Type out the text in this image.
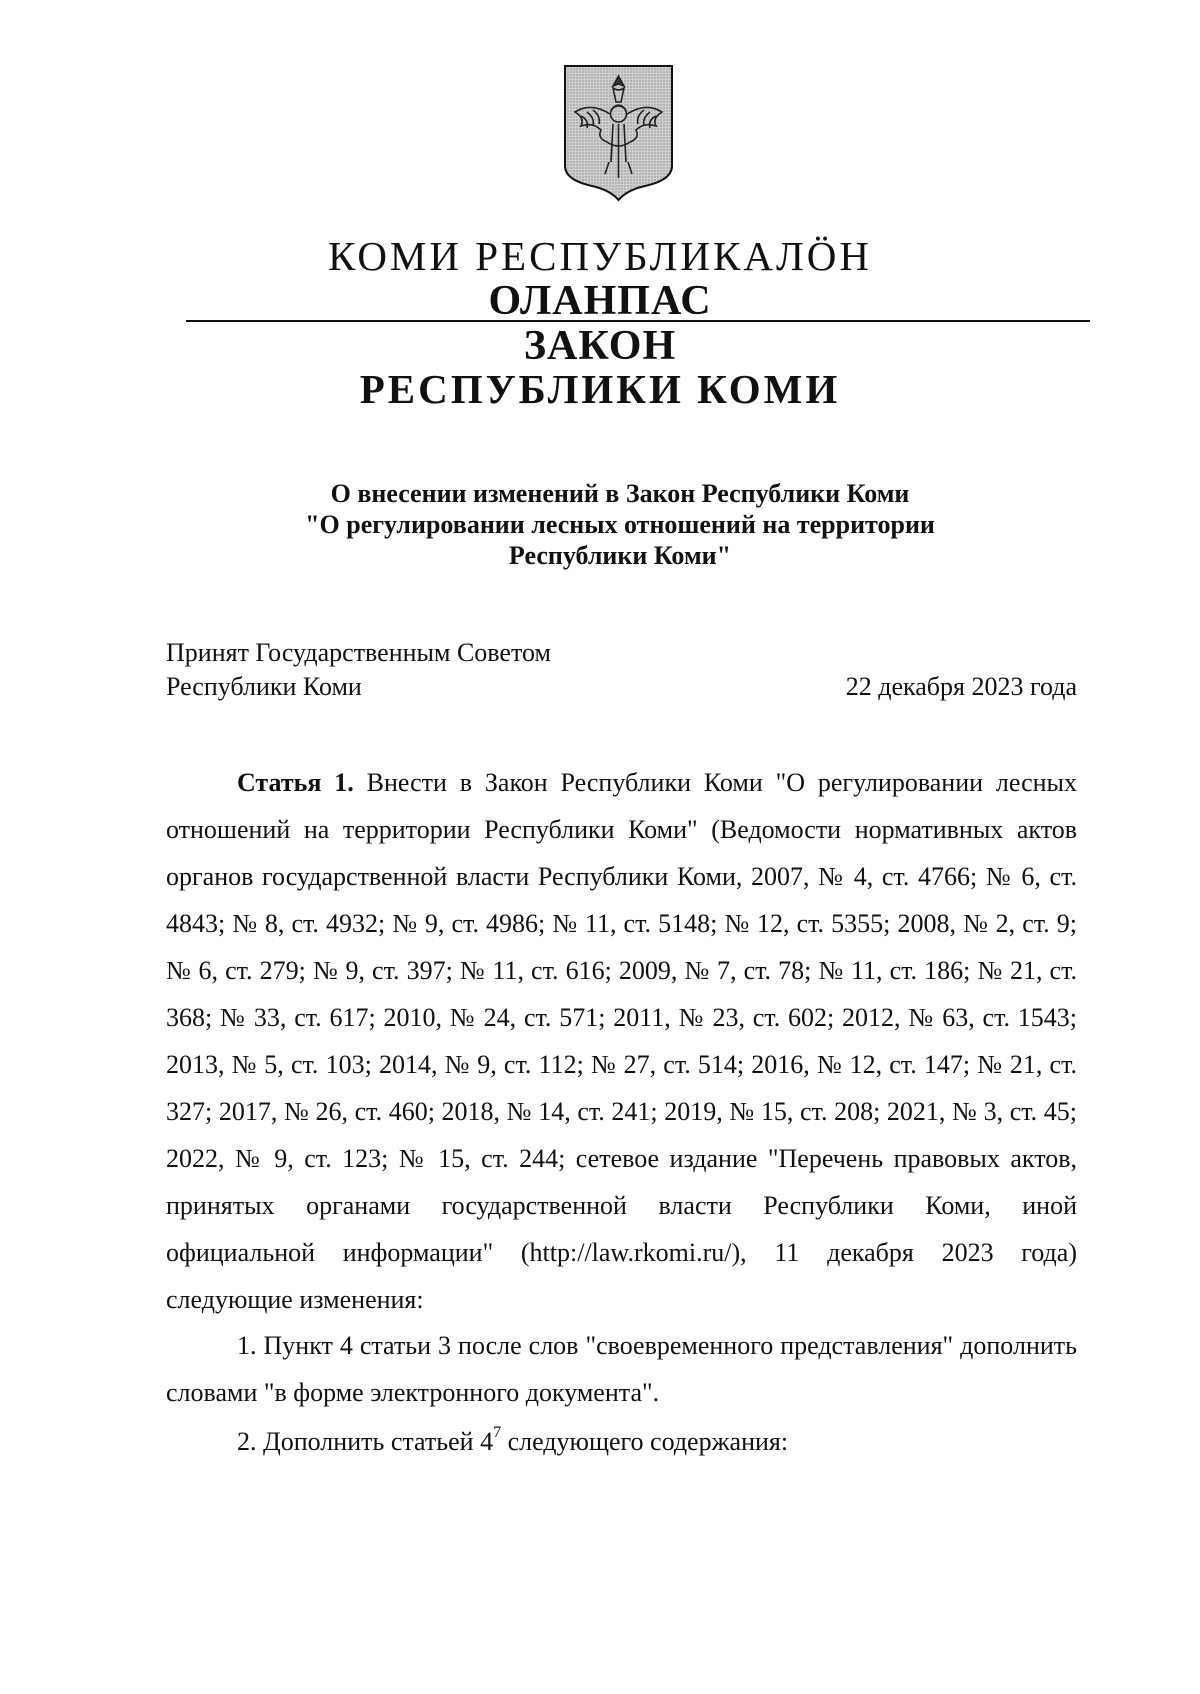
КОМИ РЕСПУБЛИКАЛÖН
ОЛАНПАС
ЗАКОН
РЕСПУБЛИКИ КОМИ
О внесении изменений в Закон Республики Коми
"О регулировании лесных отношений на территории
Республики Коми"
Принят Государственным Советом
Республики Коми	22 декабря 2023 года
Статья 1. Внести в Закон Республики Коми "О регулировании лесных отношений на территории Республики Коми" (Ведомости нормативных актов органов государственной власти Республики Коми, 2007, № 4, ст. 4766; № 6, ст. 4843; № 8, ст. 4932; № 9, ст. 4986; № 11, ст. 5148; № 12, ст. 5355; 2008, № 2, ст. 9; № 6, ст. 279; № 9, ст. 397; № 11, ст. 616; 2009, № 7, ст. 78; № 11, ст. 186; № 21, ст. 368; № 33, ст. 617; 2010, № 24, ст. 571; 2011, № 23, ст. 602; 2012, № 63, ст. 1543; 2013, № 5, ст. 103; 2014, № 9, ст. 112; № 27, ст. 514; 2016, № 12, ст. 147; № 21, ст. 327; 2017, № 26, ст. 460; 2018, № 14, ст. 241; 2019, № 15, ст. 208; 2021, № 3, ст. 45; 2022, № 9, ст. 123; № 15, ст. 244; сетевое издание "Перечень правовых актов, принятых органами государственной власти Республики Коми, иной официальной информации" (http://law.rkomi.ru/), 11 декабря 2023 года) следующие изменения:
1. Пункт 4 статьи 3 после слов "своевременного представления" дополнить словами "в форме электронного документа".
2. Дополнить статьей $4^7$ следующего содержания:
